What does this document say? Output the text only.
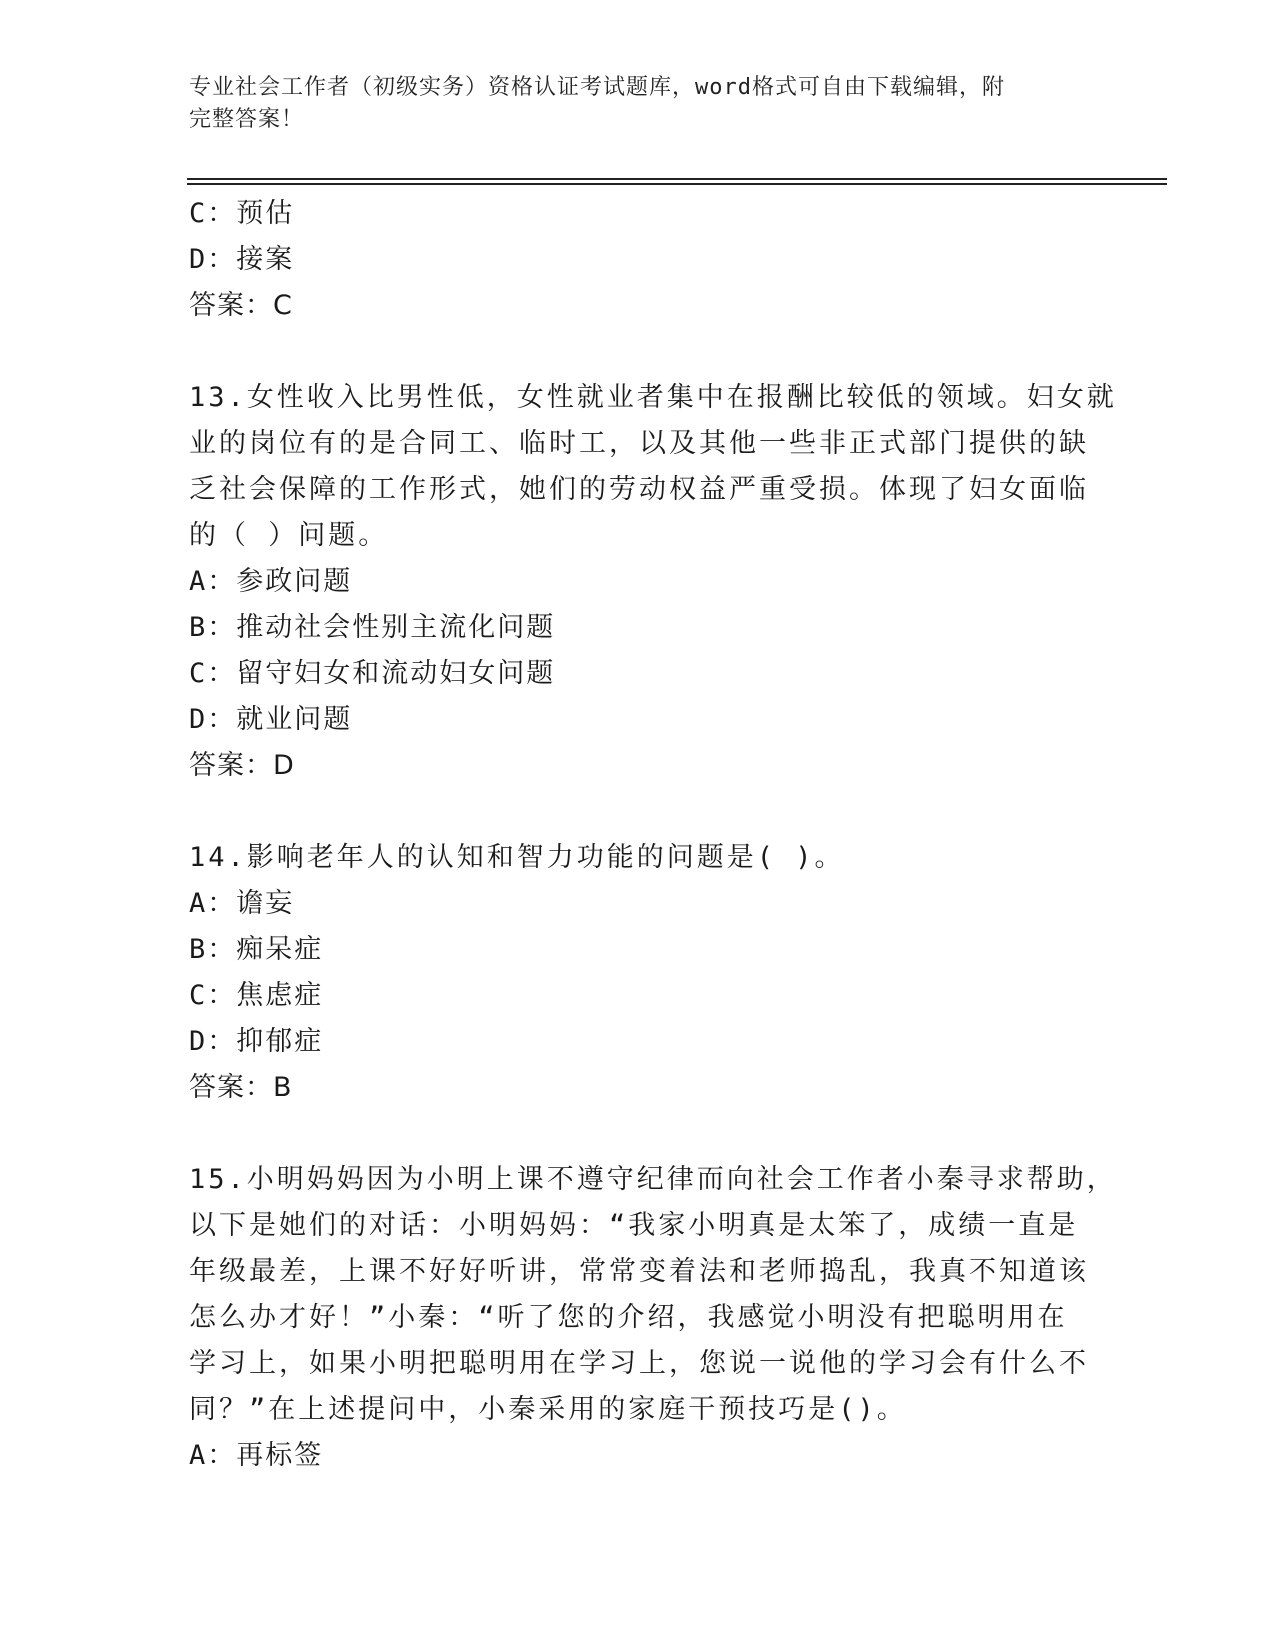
专业社会工作者（初级实务）资格认证考试题库，word格式可自由下载编辑，附
完整答案！
C：预估
D：接案
答案：C
13.女性收入比男性低，女性就业者集中在报酬比较低的领域。妇女就
业的岗位有的是合同工、临时工，以及其他一些非正式部门提供的缺
乏社会保障的工作形式，她们的劳动权益严重受损。体现了妇女面临
的（ ）问题。
A：参政问题
B：推动社会性别主流化问题
C：留守妇女和流动妇女问题
D：就业问题
答案：D
14.影响老年人的认知和智力功能的问题是( )。
A：谵妄
B：痴呆症
C：焦虑症
D：抑郁症
答案：B
15.小明妈妈因为小明上课不遵守纪律而向社会工作者小秦寻求帮助，
以下是她们的对话：小明妈妈：“我家小明真是太笨了，成绩一直是
年级最差，上课不好好听讲，常常变着法和老师捣乱，我真不知道该
怎么办才好！”小秦：“听了您的介绍，我感觉小明没有把聪明用在
学习上，如果小明把聪明用在学习上，您说一说他的学习会有什么不
同？”在上述提问中，小秦采用的家庭干预技巧是()。
A：再标签
